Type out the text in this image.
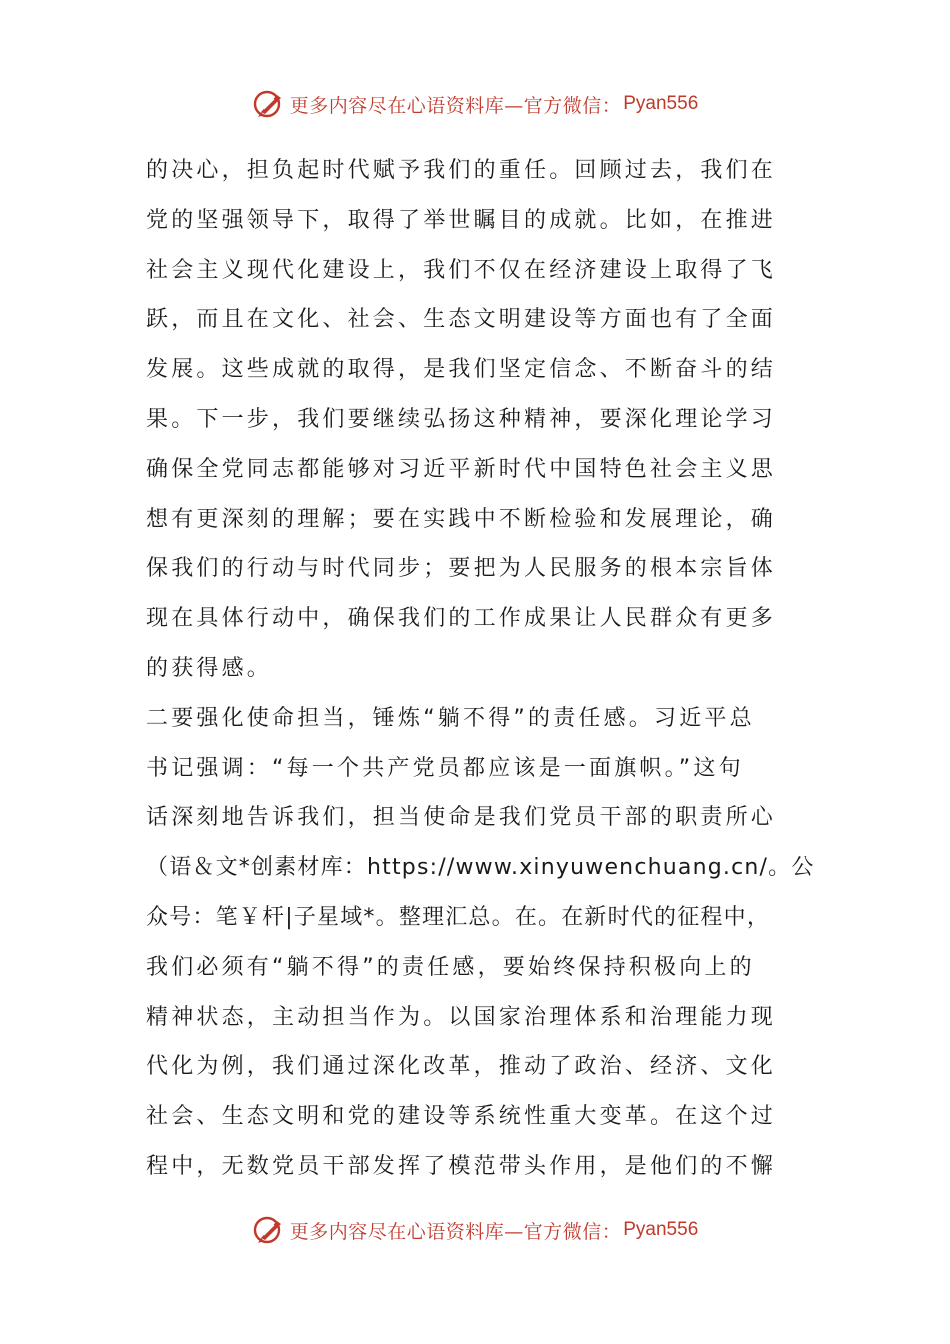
更多内容尽在心语资料库—官方微信： Pyan556
的决心，担负起时代赋予我们的重任。回顾过去，我们在
党的坚强领导下，取得了举世瞩目的成就。比如，在推进
社会主义现代化建设上，我们不仅在经济建设上取得了飞
跃，而且在文化、社会、生态文明建设等方面也有了全面
发展。这些成就的取得，是我们坚定信念、不断奋斗的结
果。下一步，我们要继续弘扬这种精神，要深化理论学习
确保全党同志都能够对习近平新时代中国特色社会主义思
想有更深刻的理解；要在实践中不断检验和发展理论，确
保我们的行动与时代同步；要把为人民服务的根本宗旨体
现在具体行动中，确保我们的工作成果让人民群众有更多
的获得感。
二要强化使命担当，锤炼“躺不得”的责任感。习近平总
书记强调：“每一个共产党员都应该是一面旗帜。”这句
话深刻地告诉我们，担当使命是我们党员干部的职责所心
（语＆文*创素材库：https://www.xinyuwenchuang.cn/。公
众号：笔￥杆|子星域*。整理汇总。在。在新时代的征程中，
我们必须有“躺不得”的责任感，要始终保持积极向上的
精神状态，主动担当作为。以国家治理体系和治理能力现
代化为例，我们通过深化改革，推动了政治、经济、文化
社会、生态文明和党的建设等系统性重大变革。在这个过
程中，无数党员干部发挥了模范带头作用，是他们的不懈
更多内容尽在心语资料库—官方微信： Pyan556
